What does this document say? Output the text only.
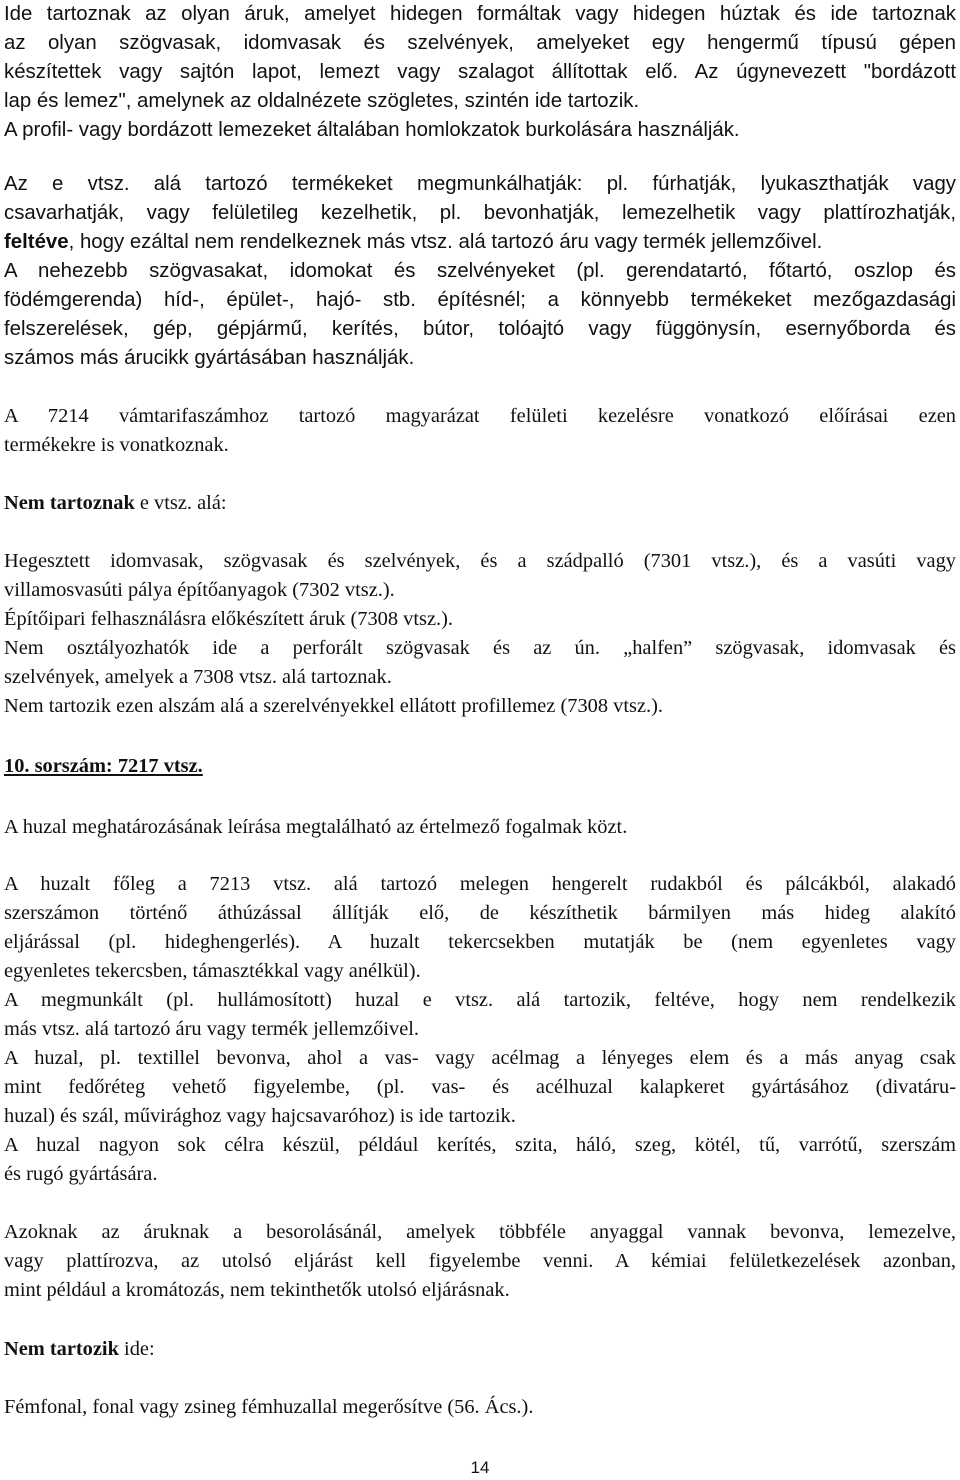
Ide tartoznak az olyan áruk, amelyet hidegen formáltak vagy hidegen húztak és ide tartoznak
az olyan szögvasak, idomvasak és szelvények, amelyeket egy hengermű típusú gépen
készítettek vagy sajtón lapot, lemezt vagy szalagot állítottak elő. Az úgynevezett "bordázott
lap és lemez", amelynek az oldalnézete szögletes, szintén ide tartozik.
A profil- vagy bordázott lemezeket általában homlokzatok burkolására használják.
Az e vtsz. alá tartozó termékeket megmunkálhatják: pl. fúrhatják, lyukaszthatják vagy
csavarhatják, vagy felületileg kezelhetik, pl. bevonhatják, lemezelhetik vagy plattírozhatják,
feltéve, hogy ezáltal nem rendelkeznek más vtsz. alá tartozó áru vagy termék jellemzőivel.
A nehezebb szögvasakat, idomokat és szelvényeket (pl. gerendatartó, főtartó, oszlop és
födémgerenda) híd-, épület-, hajó- stb. építésnél; a könnyebb termékeket mezőgazdasági
felszerelések, gép, gépjármű, kerítés, bútor, tolóajtó vagy függönysín, esernyőborda és
számos más árucikk gyártásában használják.
A 7214 vámtarifaszámhoz tartozó magyarázat felületi kezelésre vonatkozó előírásai ezen
termékekre is vonatkoznak.
Nem tartoznak e vtsz. alá:
Hegesztett idomvasak, szögvasak és szelvények, és a szádpalló (7301 vtsz.), és a vasúti vagy
villamosvasúti pálya építőanyagok (7302 vtsz.).
Építőipari felhasználásra előkészített áruk (7308 vtsz.).
Nem osztályozhatók ide a perforált szögvasak és az ún. „halfen” szögvasak, idomvasak és
szelvények, amelyek a 7308 vtsz. alá tartoznak.
Nem tartozik ezen alszám alá a szerelvényekkel ellátott profillemez (7308 vtsz.).
10. sorszám: 7217 vtsz.
A huzal meghatározásának leírása megtalálható az értelmező fogalmak közt.
A huzalt főleg a 7213 vtsz. alá tartozó melegen hengerelt rudakból és pálcákból, alakadó
szerszámon történő áthúzással állítják elő, de készíthetik bármilyen más hideg alakító
eljárással (pl. hideghengerlés). A huzalt tekercsekben mutatják be (nem egyenletes vagy
egyenletes tekercsben, támasztékkal vagy anélkül).
A megmunkált (pl. hullámosított) huzal e vtsz. alá tartozik, feltéve, hogy nem rendelkezik
más vtsz. alá tartozó áru vagy termék jellemzőivel.
A huzal, pl. textillel bevonva, ahol a vas- vagy acélmag a lényeges elem és a más anyag csak
mint fedőréteg vehető figyelembe, (pl. vas- és acélhuzal kalapkeret gyártásához (divatáru-
huzal) és szál, művirághoz vagy hajcsavaróhoz) is ide tartozik.
A huzal nagyon sok célra készül, például kerítés, szita, háló, szeg, kötél, tű, varrótű, szerszám
és rugó gyártására.
Azoknak az áruknak a besorolásánál, amelyek többféle anyaggal vannak bevonva, lemezelve,
vagy plattírozva, az utolsó eljárást kell figyelembe venni. A kémiai felületkezelések azonban,
mint például a kromátozás, nem tekinthetők utolsó eljárásnak.
Nem tartozik ide:
Fémfonal, fonal vagy zsineg fémhuzallal megerősítve (56. Ács.).
14
